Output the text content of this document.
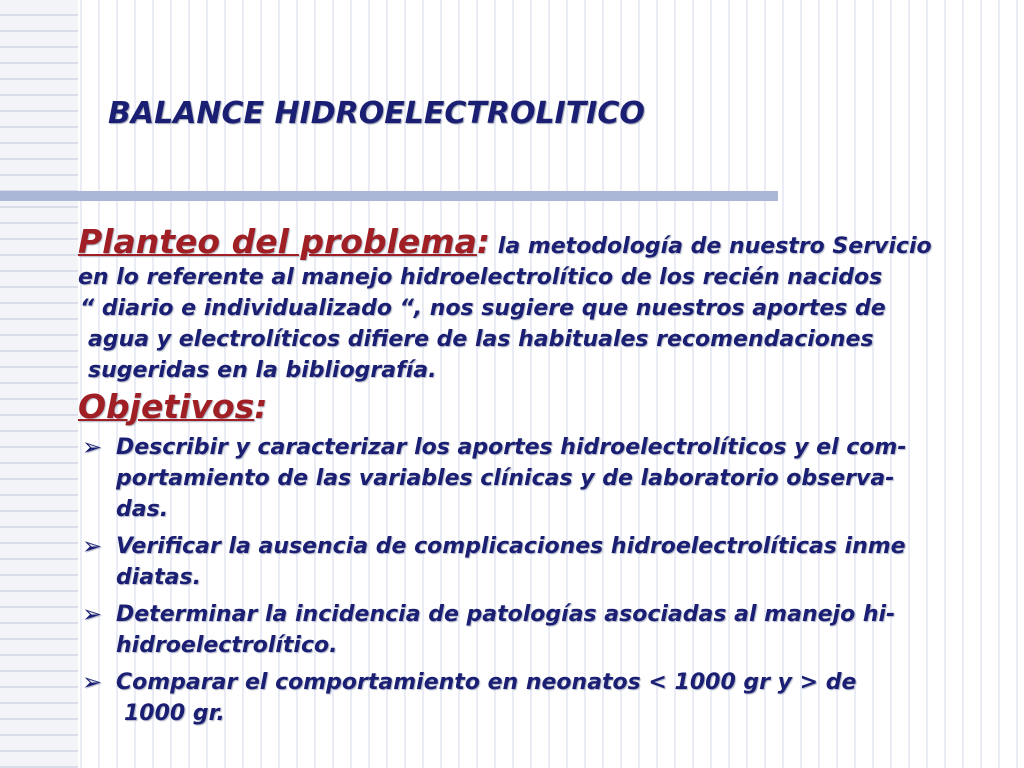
BALANCE HIDROELECTROLITICO
Planteo del problema: la metodología de nuestro Servicio
en lo referente al manejo hidroelectrolítico de los recién nacidos
“ diario e individualizado “, nos sugiere que nuestros aportes de
agua y electrolíticos difiere de las habituales recomendaciones
sugeridas en la bibliografía.
Objetivos:
➢ Describir y caracterizar los aportes hidroelectrolíticos y el com-
portamiento de las variables clínicas y de laboratorio observa-
das.
➢ Verificar la ausencia de complicaciones hidroelectrolíticas inme
diatas.
➢ Determinar la incidencia de patologías asociadas al manejo hi-
hidroelectrolítico.
➢ Comparar el comportamiento en neonatos < 1000 gr y > de
1000 gr.
